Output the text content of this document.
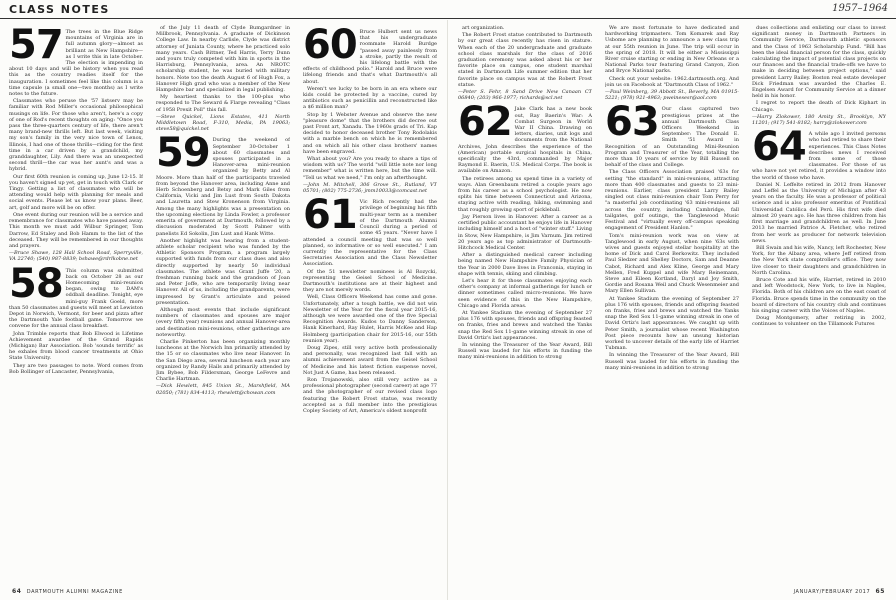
CLASS NOTES	1957–1964

57 The trees in the Blue Ridge mountains of Virginia are in full autumn glory—almost as brilliant as New Hampshire—as I write this in late October. The election is impending in about 10 days and will be history when you read this as the country readies itself for the inauguration. I sometimes feel like this column is a time capsule (a small one—two months) as I write notes to the future.

Classmates who peruse the '57 listserv may be familiar with Rod Miller's occasional philosophical musings on life. For those who aren't, here's a copy of one of Rod's recent thoughts on aging: "Once you pass the three-quarters century of life, there aren't many brand-new thrills left. But last week, visiting my son's family in the very nice town of Lenox, Illinois, I had one of those thrills—riding for the first time in a car driven by a grandchild, my granddaughter, Lily. And there was an unexpected second thrill—the car was her aunt's and was a hybrid.

Our first 60th reunion is coming up, June 12-15. If you haven't signed up yet, get in touch with Clark or Tingy. Getting a list of classmates who will be attending would help with planning for meals and social events. Please let us know your plans. Beer, art, golf and more will be on offer.

One event during our reunion will be a service and remembrance for classmates who have passed away. This month we must add Wilbur Springer, Tom Darrow, Ed Staley and Bob Hamm to the list of the deceased. They will be remembered in our thoughts and prayers.

—Bruce Shawe, 128 Hall School Road, Sperryville, VA 22740; (540) 987-8839; bshawe@rdrlkobne.net

58 This column was submitted back on October 28 as our Homecoming mini-reunion began, owing to DAM's oddball deadline. Tonight, eye mini-guy Frank Goeld, more than 50 classmates and guests will meet at Lewiston Depot in Norwich, Vermont, for beer and pizza after the Dartmouth Yale football game. Tomorrow we convene for the annual class breakfast.

John Trimble reports that Bob Elwood is Lifetime Achievement awardee of the Grand Rapids (Michigan) Bar Association. Bob 'sounds terrific' as he exhales from blood cancer treatments at Ohio State University.

They are two passages to note. Word comes from Bob Bollinger of Lancaster, Pennsylvania,

of the July 11 death of Clyde Bumgardner in Millbrook, Pennsylvania. A graduate of Dickinson College Law. In nearby Carlisle, Clyde was district attorney of Juniata County, where he practiced solo many years. Cash Bittner, Ted Harris, Terry Dunn and yours truly competed with him in sports in the Harrisburg, Pennsylvania, area. An NROTC scholarship student, he was buried with military honors. Note too the death August 6 of Hugh Fox, a Hanover High grad who was a member of the New Hampshire bar and specialized in legal publishing.

My heartiest thanks to the 100-plus who responded to The Seward & Flarge revealing "Class of 1958 Prexit Poll" this fall.

—Steve Quickel, Lions Estates, 411 North Middletown Road, F-310, Media, PA 19063; steve58@quickel.net

59 During the weekend of September 30-October 1 about 60 classmates and spouses participated in a Hanover-area mini-reunion organized by Betty and Al Moore. More than half of the participants traveled from beyond the Hanover area, including Anne and Herb Schoenberg and Betsy and Mark Giles from California, Vicki and Jim Lust from South Dakota and Lauretta and Stew Kronenson from Virginia. Among the many highlights was a presentation on the upcoming elections by Linda Fowler, a professor emerita of government at Dartmouth, followed by a discussion moderated by Scott Palmer with panelists Ed Sokolin, Jim Lust and Hank Witte.

Another highlight was hearing from a student-athlete scholar recipient who was funded by the Athletic Sponsors Program, a program largely supported with funds from our class dues and also directly supported by nearly 50 individual classmates. The athlete was Grant Juffe '20, a freshman running back and the grandson of Joan and Peter Joffe, who are temporarily living near Hanover. All of us, including the grandparents, were impressed by Grant's articulate and poised presentation.

Although most events that include significant numbers of classmates and spouses are major (every fifth year) reunions and annual Hanover-area and destination mini-reunions, other gatherings are noteworthy.

Charlie Pinkerton has been organizing monthly luncheons at the Norwich Inn primarily attended by the 15 or so classmates who live near Hanover. In the San Diego area, several luncheon each year are organized by Randy Hails and primarily attended by Jim Bybee, Bob Fildersman, George LeFevre and Charlie Hartman.

—Dick Hewlett, 845 Union St., Marshfield, MA 02050; (781) 834-4113; rhewlett@chowan.com

60 Bruce Hulbert sent us news that his undergraduate roommate Harold Burdge "passed away painlessly from a stroke, partly the result of his lifelong battle with the effects of childhood polio." Harold and Bruce were lifelong friends and that's what Dartmouth's all about.

Weren't we lucky to be born in an era where our kids could be protected by a vaccine, cured by antibiotics such as penicillin and reconstructed like a $6 million man?

Stop by 1 Webster Avenue and observe the new "pleasure dome" that the brothers did decree out past Front art, Xanadu. The 1960s grads of Tri. Kap decided to honor deceased brother Tony Rodolakis with a marble bench on which he is remembered and on which all his other class brothers' names have been engraved.

What about you? Are you ready to share a tips of wisdom with us? The world "will little note nor long remember" what is written here, but the time will. "Tell us what we need," I'm only an afterthought.

—John M. Mitchell, 306 Grove St., Rutland, VT 05701; (802) 775-2736; jmm10033@comcast.net

61 Vic Rich recently had the privilege of beginning his fifth multi-year term as a member of the Dartmouth Alumni Council during a period of some 45 years. "Never have I attended a council meeting that was so well planned, so informative or so well executed." I am currently the representative for the Class Secretaries Association and the Class Newsletter Association.

Of the 51 newsletter nominees is Al Rozycki, representing the Geisel School of Medicine. Dartmouth's institutions are at their highest and they are not merely words.

Well, Class Officers Weekend has come and gone. Unfortunately, after a tough battle, we did not win Newsletter of the Year for the fiscal year 2015-16, although we were awarded one of the five Special Recognition Awards. Kudos to Danny Sanderson, Hank Kinerhard, Ray Hulet, Harris McKee and Hap Holmberg (participation chair for 2015-16, our 55th reunion year).

Doug Zipes, still very active both professionally and personally, was recognized last fall with an alumni achievement award from the Geisel School of Medicine and his latest fiction suspense novel, Not Just A Game, has been released.

Ron Trojanowski, also still very active as a professional photographer (second career) at age 77 and the photographer of our revised class logo featuring the Robert Frost statue, was recently accepted as a full member into the prestigious Copley Society of Art, America's oldest nonprofit

art organization.

The Robert Frost statue contributed to Dartmouth by our great class recently has risen in stature. When each of the 20 undergraduate and graduate school class marshals for the class of 2016 graduation ceremony was asked about his or her favorite place on campus, one student marshal stated in Dartmouth Life summer edition that her favorite place on campus was at the Robert Frost statue.

—Peter S. Fehr, 8 Sand Drive New Canaan CT 06840; (203) 966-1977; richards@scl.net

62 Jake Clark has a new book out, Ray Baerin's War: A Combat Surgeon in World War II China. Drawing on letters, diaries, unit logs and documents from the National Archives, John describes the experience of the (American) portable surgical hospitals in China, specifically the 43rd, commanded by Major Raymond E. Baerin, U.S. Medical Corps. The book is available on Amazon.

The retirees among us spend time in a variety of ways. Alan Greenbaum retired a couple years ago from his career as a school psychologist. He now splits his time between Connecticut and Arizona, staying active with reading, hiking, swimming and that roughly growing sport of pickleball.

Jay Pierson lives in Hanover. After a career as a certified public accountant he enjoys life in Hanover including himself and a host of "winter stuff." Living in Stow, New Hampshire, is Jim Varnum. Jim retired 20 years ago as top administrator of Dartmouth-Hitchcock Medical Center.

After a distinguished medical career including being named New Hampshire Family Physician of the Year in 2000 Dave lives in Franconia, staying in shape with tennis, skiing and climbing.

Let's hear it for those classmates enjoying each other's company at informal gatherings for lunch or dinner sometimes called micro-reunions. We have seen evidence of this in the New Hampshire, Chicago and Florida areas.

At Yankee Stadium the evening of September 27 plus 176 with spouses, friends and offspring feasted on franks, fries and brews and watched the Yanks snap the Red Sox 11-game winning streak in one of David Ortiz's last appearances.

In winning the Treasurer of the Year Award, Bill Russell was lauded for his efforts in funding the many mini-reunions in addition to strong

We are most fortunate to have dedicated and hardworking tripmasters. Tom Komarek and Ray Usbome are planning to announce a new class trip at our 55th reunion in June. The trip will occur in the spring of 2018. It will be either a Mississippi River cruise starting or ending in New Orleans or a National Parks tour featuring Grand Canyon, Zion and Bryce National parks.

Check out your website: 1962.dartmouth.org. And join us on Facebook at "Dartmouth Class of 1962."

—Paul Weinberg, 39 Abbott St., Beverly, MA 01915-5221; (978) 921-4963; pweinesesr@aol.com

63 Our class captured two prestigious prizes at the annual Dartmouth Class Officers Weekend in September: The Donald E. Smith '51 Award in Recognition of an Outstanding Mini-Reunion Program and Treasurer of the Year, totalling the more than 10 years of service by Bill Russell on behalf of the class and College.

The Class Officers Association praised '63s for setting "the standard" in mini-reunions, attracting more than 400 classmates and guests to 23 mini-reunions. Earlier, class president Larry Bailey singled out class mini-reunion chair Tom Perry for "a masterful job coordinating '63 mini-reunions all across the country, including Cambridge, fall tailgates, golf outings, the Tanglewood Music Festival and "virtually every off-campus speaking engagement of President Hanlon."

Tom's mini-reunion work was on view at Tanglewood in early August, when nine '63s with wives and guests enjoyed stellar hospitality at the home of Dick and Carol Berkowitz. They included Paul Sledzer and Shelley Doctors, Sam and Deanne Cabot, Richard and Alex Kline, George and Mary Mellen, Fred Kuppel and wife Mary Reinemann, Steve and Eileen Kortland, Daryl and Joy Smith, Gordie and Rosana Weil and Chuck Wesenmeier and Mary Ellen Sullivan.

At Yankee Stadium the evening of September 27 plus 176 with spouses, friends and offspring feasted on franks, fries and brews and watched the Yanks snap the Red Sox 11-game winning streak in one of David Ortiz's last appearances. We caught up with Peter Smith, a journalist whose recent Washington Post piece recounts how an unsung historian worked to uncover details of the early life of Harriet Tubman.

In winning the Treasurer of the Year Award, Bill Russell was lauded for his efforts in funding the many mini-reunions in addition to strong

dues collections and enlisting our class to invest significant money in Dartmouth Partners in Community Service, Dartmouth athletic sponsors and the Class of 1963 Scholarship Fund. "Bill has been the ideal financial person for the class, quickly calculating the impact of potential class projects on our finances and the financial trade-offs we have to make in deciding between project options," said president Larry Bailey. Boston real estate developer Dick Friedman was awarded the Charles E. Engelsen Award for Community Service at a dinner held in his honor.

I regret to report the death of Dick Kiphart in Chicago.

—Harry Zlokower, 180 Amity St., Brooklyn, NY 11201; (917) 541-8182; harry@zlokower.com

64 A while ago I invited persons who had retired to share their experiences. This Class Notes describes news I received from some of those classmates. For those of us who have not yet retired, it provides a window into the world of those who have.

Daniel N. Leffelte retired in 2012 from Hanover and Leffel as the University of Michigan after 43 years on the faculty. He was a professor of political science and is also professor emeritus of Pontifical Universidad Católica del Perú. His first wife died almost 20 years ago. He has three children from his first marriage and grandchildren as well. In June 2013 he married Patrice A. Fletcher, who retired from her work as producer for network television news.

Bill Swain and his wife, Nancy, left Rochester, New York, for the Albany area, where Jeff retired from the New York state comptroller's office. They now live closer to their daughters and grandchildren in North Carolina.

Bruce Cote and his wife, Harriet, retired in 2010 and left Woodstock, New York, to live in Naples, Florida. Both of his children are on the east coast of Florida. Bruce spends time in the community on the board of directors of his country club and continues his singing career with the Voices of Naples.

Doug Montgomery, after retiring in 2002, continues to volunteer on the Tillamook Futures

64 DARTMOUTH ALUMNI MAGAZINE	JANUARY/FEBRUARY 2017 65
